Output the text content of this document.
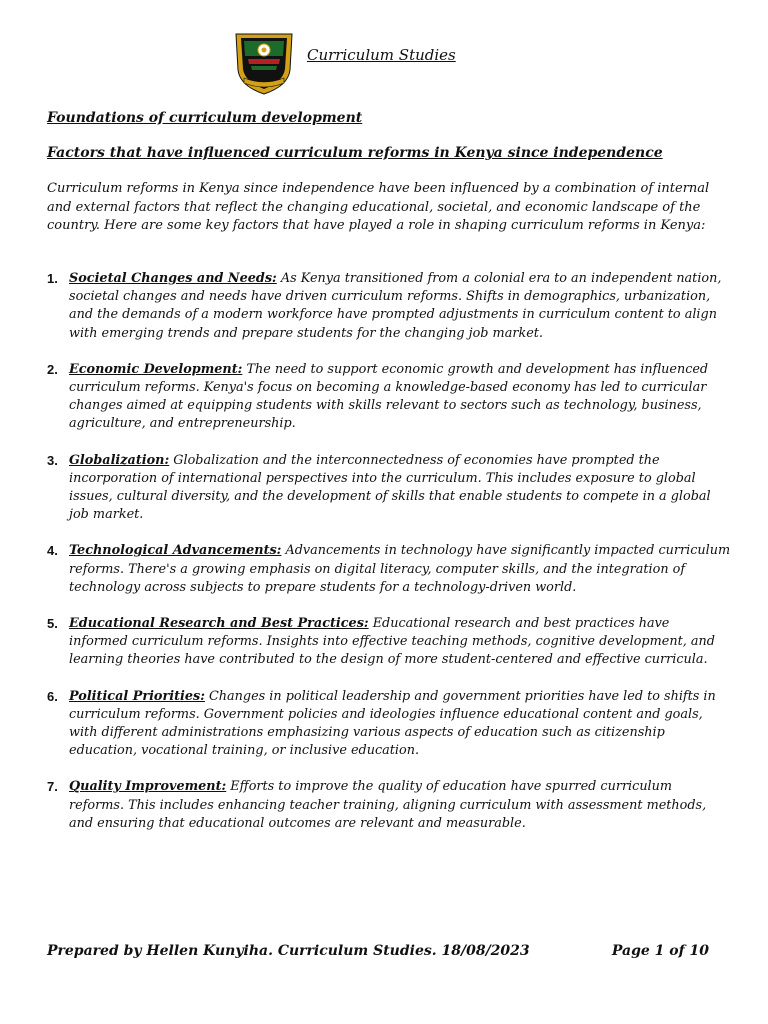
Curriculum Studies
Foundations of curriculum development
Factors that have influenced curriculum reforms in Kenya since independence
Curriculum reforms in Kenya since independence have been influenced by a combination of internal and external factors that reflect the changing educational, societal, and economic landscape of the country. Here are some key factors that have played a role in shaping curriculum reforms in Kenya:
1. Societal Changes and Needs: As Kenya transitioned from a colonial era to an independent nation, societal changes and needs have driven curriculum reforms. Shifts in demographics, urbanization, and the demands of a modern workforce have prompted adjustments in curriculum content to align with emerging trends and prepare students for the changing job market.
2. Economic Development: The need to support economic growth and development has influenced curriculum reforms. Kenya's focus on becoming a knowledge-based economy has led to curricular changes aimed at equipping students with skills relevant to sectors such as technology, business, agriculture, and entrepreneurship.
3. Globalization: Globalization and the interconnectedness of economies have prompted the incorporation of international perspectives into the curriculum. This includes exposure to global issues, cultural diversity, and the development of skills that enable students to compete in a global job market.
4. Technological Advancements: Advancements in technology have significantly impacted curriculum reforms. There's a growing emphasis on digital literacy, computer skills, and the integration of technology across subjects to prepare students for a technology-driven world.
5. Educational Research and Best Practices: Educational research and best practices have informed curriculum reforms. Insights into effective teaching methods, cognitive development, and learning theories have contributed to the design of more student-centered and effective curricula.
6. Political Priorities: Changes in political leadership and government priorities have led to shifts in curriculum reforms. Government policies and ideologies influence educational content and goals, with different administrations emphasizing various aspects of education such as citizenship education, vocational training, or inclusive education.
7. Quality Improvement: Efforts to improve the quality of education have spurred curriculum reforms. This includes enhancing teacher training, aligning curriculum with assessment methods, and ensuring that educational outcomes are relevant and measurable.
Prepared by Hellen Kunyiha. Curriculum Studies. 18/08/2023	Page 1 of 10
